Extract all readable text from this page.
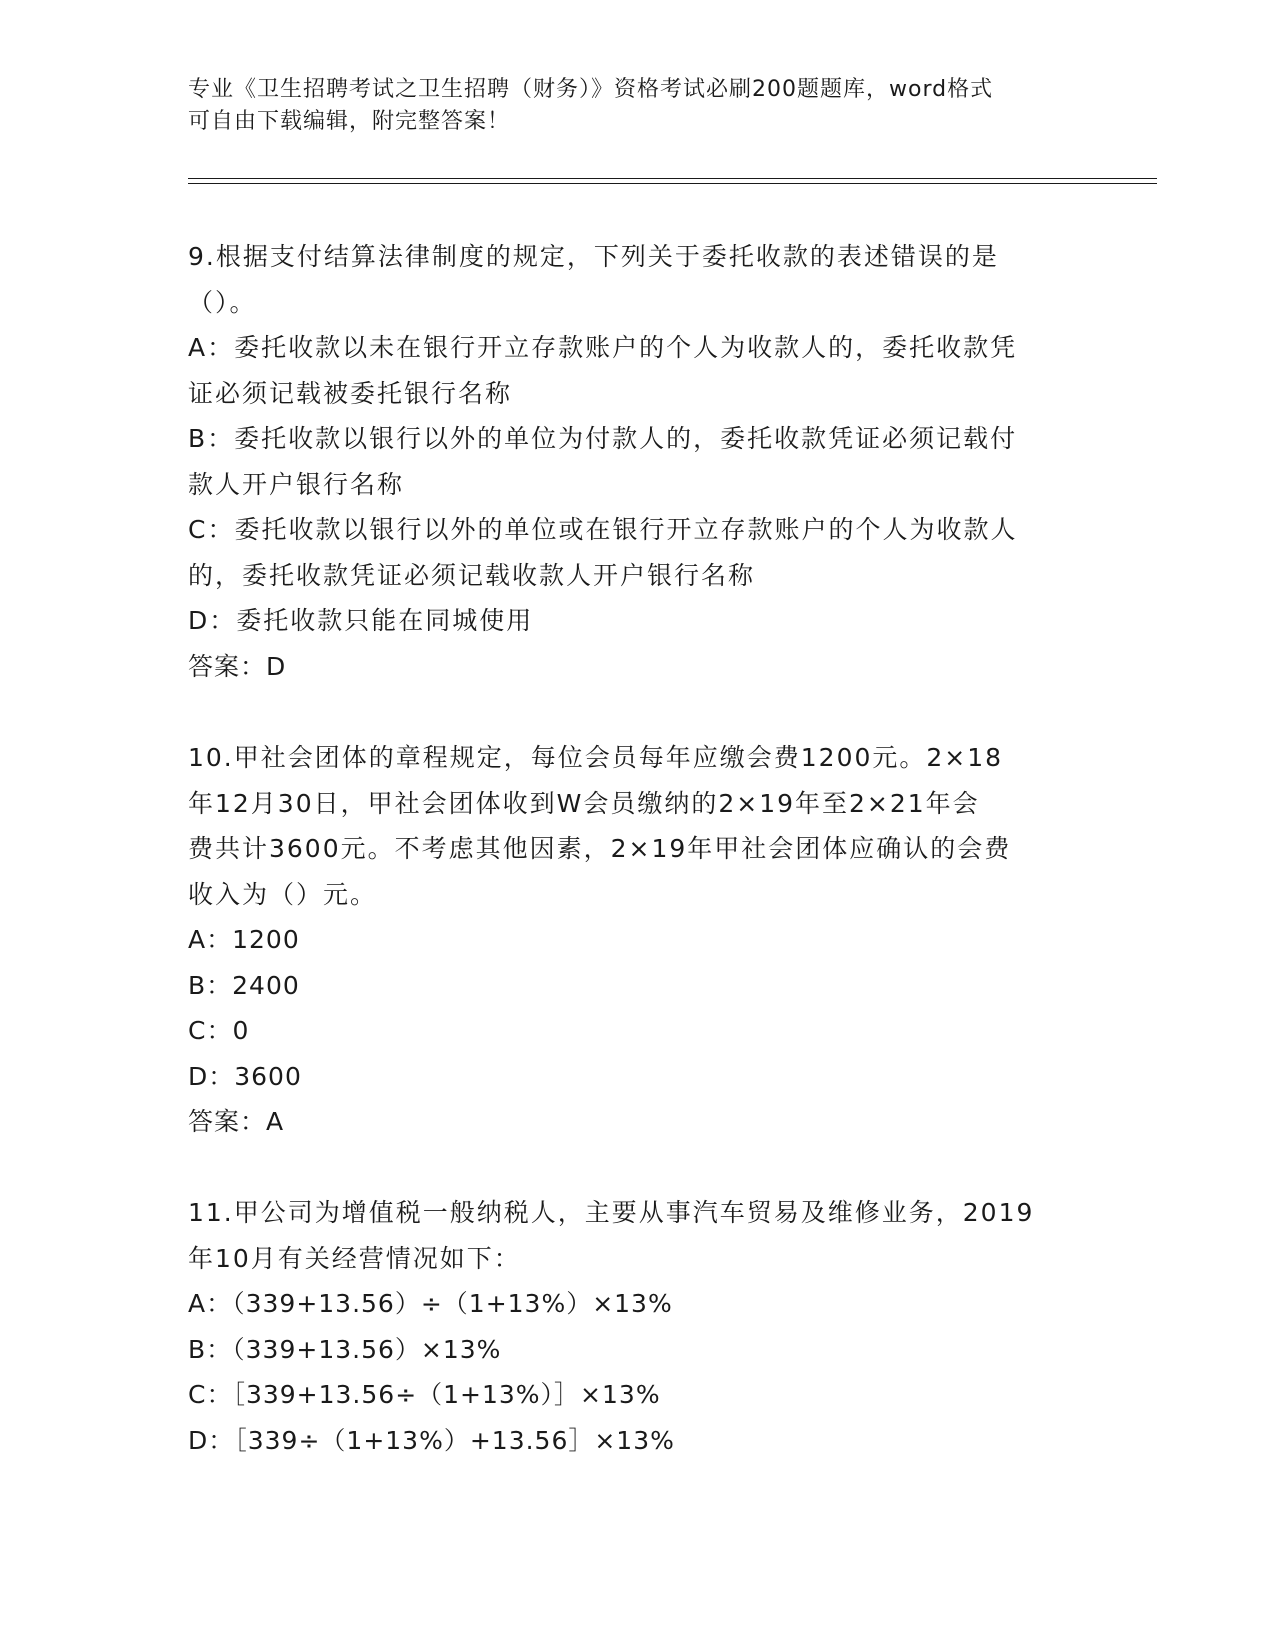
专业《卫生招聘考试之卫生招聘（财务）》资格考试必刷200题题库，word格式
可自由下载编辑，附完整答案！
9.根据支付结算法律制度的规定，下列关于委托收款的表述错误的是
（）。
A：委托收款以未在银行开立存款账户的个人为收款人的，委托收款凭
证必须记载被委托银行名称
B：委托收款以银行以外的单位为付款人的，委托收款凭证必须记载付
款人开户银行名称
C：委托收款以银行以外的单位或在银行开立存款账户的个人为收款人
的，委托收款凭证必须记载收款人开户银行名称
D：委托收款只能在同城使用
答案：D
10.甲社会团体的章程规定，每位会员每年应缴会费1200元。2×18
年12月30日，甲社会团体收到W会员缴纳的2×19年至2×21年会
费共计3600元。不考虑其他因素，2×19年甲社会团体应确认的会费
收入为（）元。
A：1200
B：2400
C：0
D：3600
答案：A
11.甲公司为增值税一般纳税人，主要从事汽车贸易及维修业务，2019
年10月有关经营情况如下：
A：（339+13.56）÷（1+13%）×13%
B：（339+13.56）×13%
C：［339+13.56÷（1+13%）］×13%
D：［339÷（1+13%）+13.56］×13%
